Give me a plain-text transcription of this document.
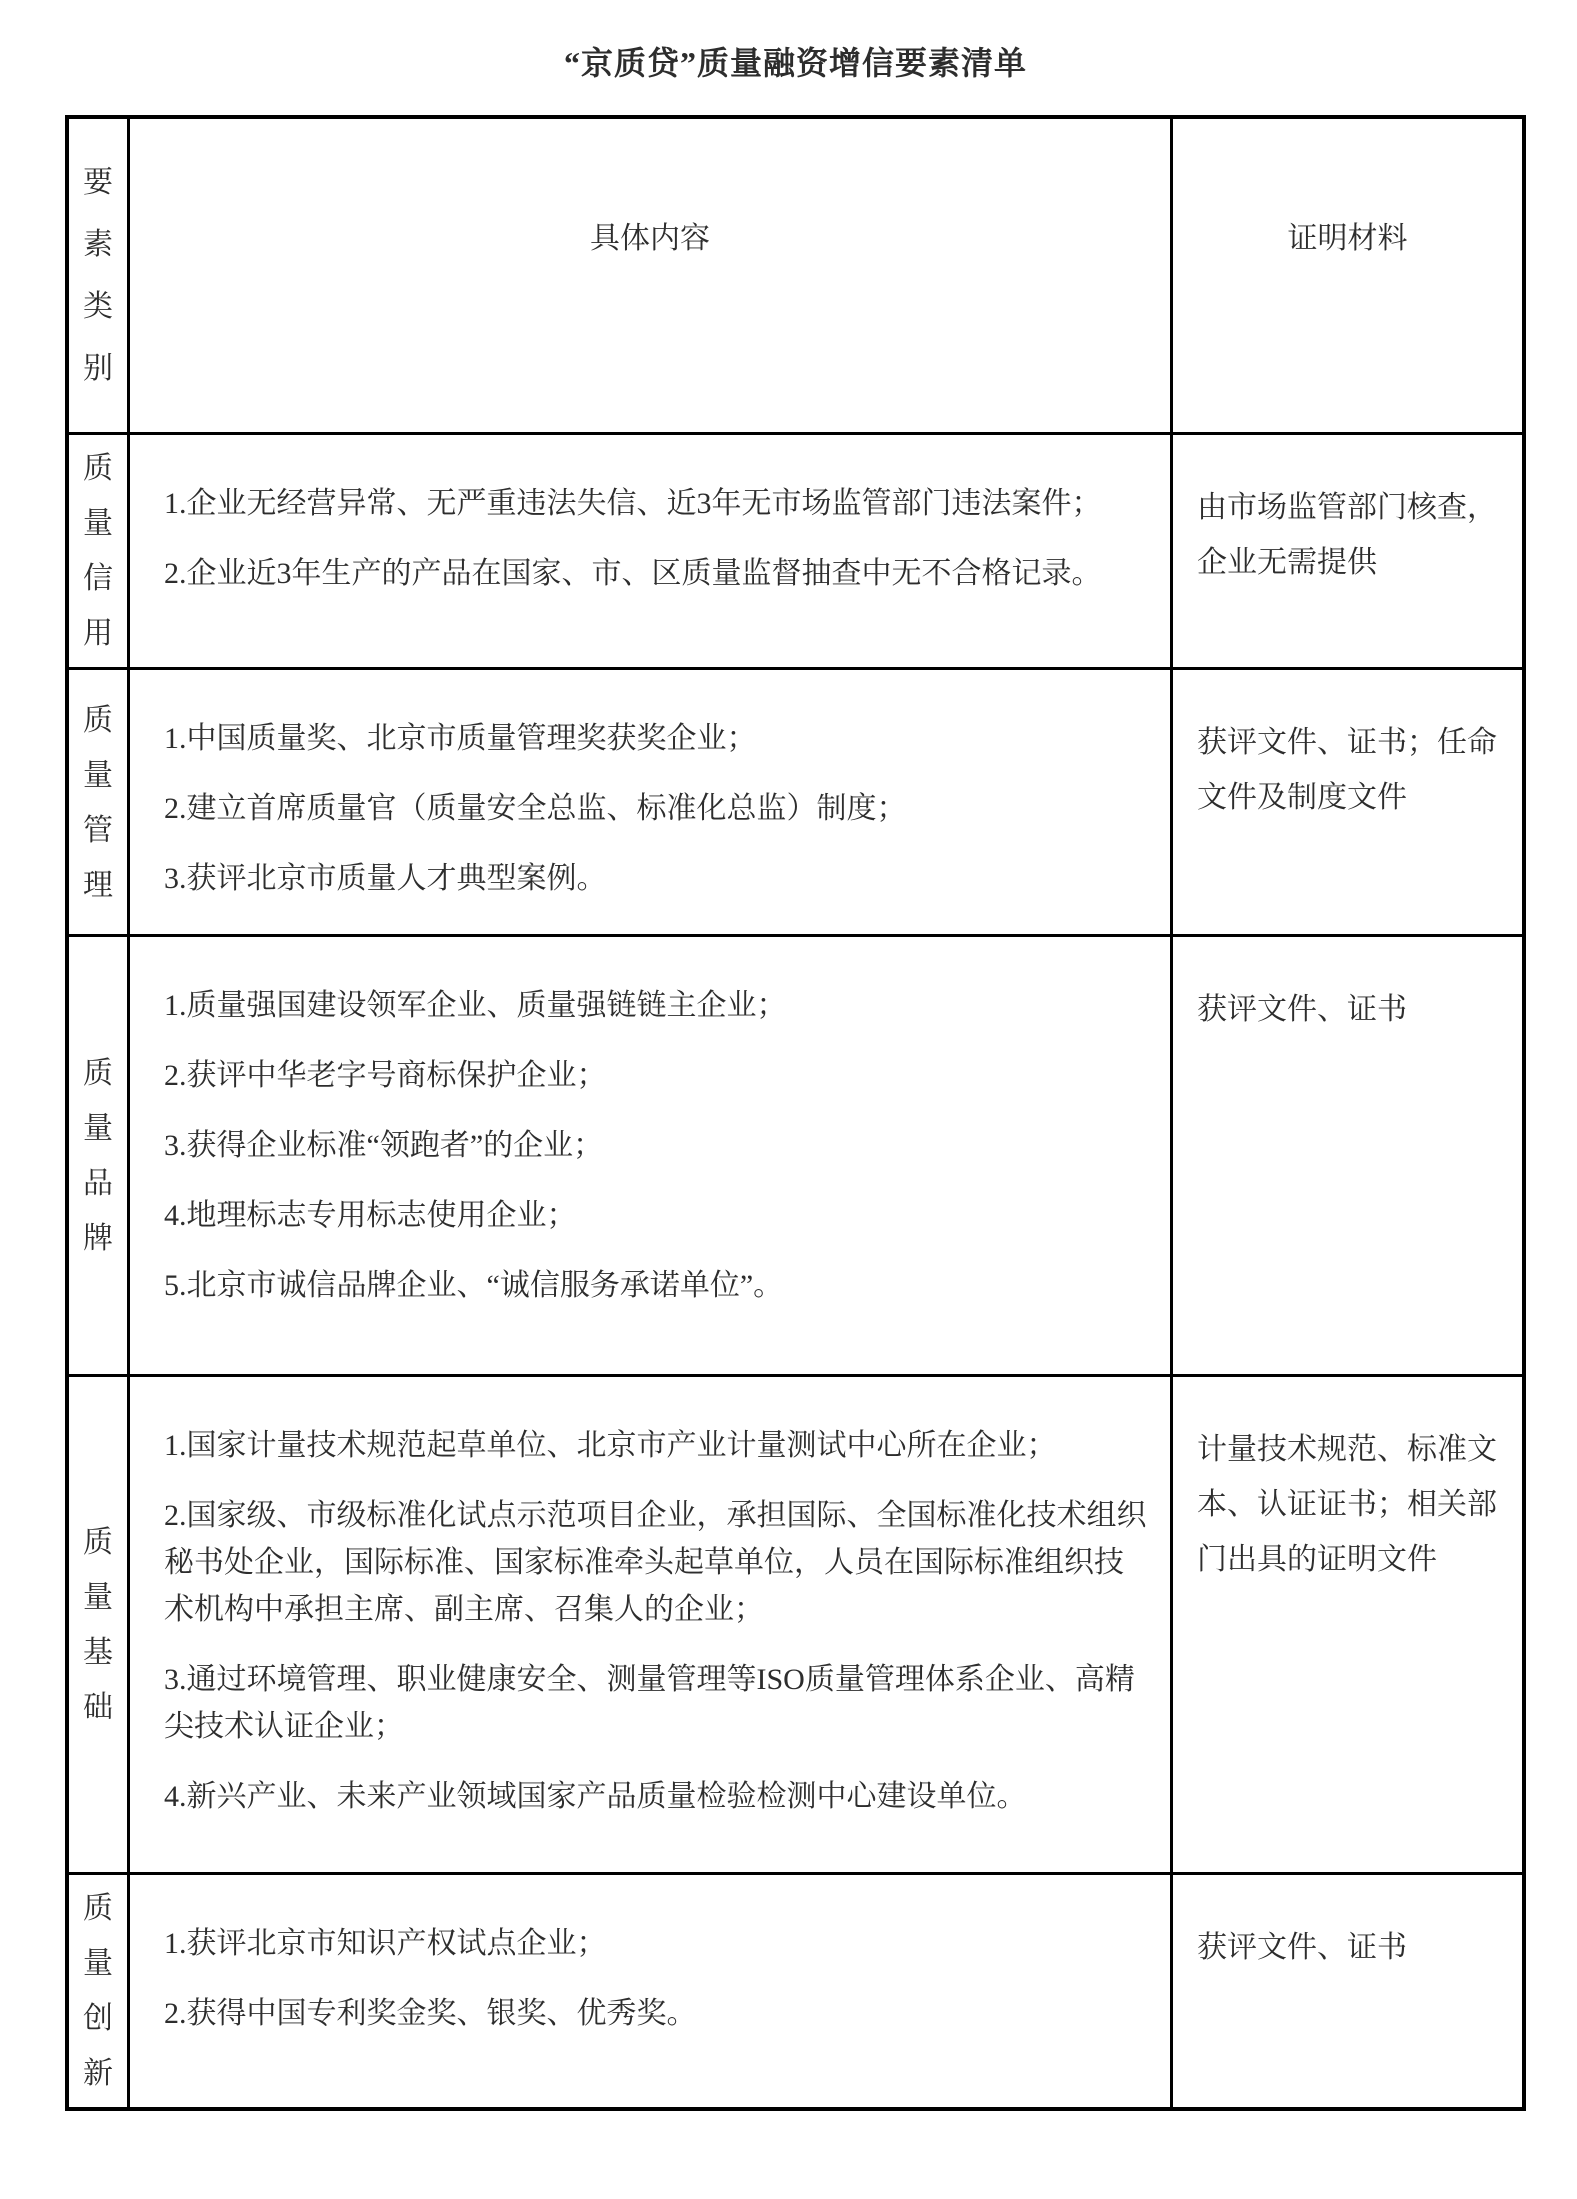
“京质贷”质量融资增信要素清单
要素类别
具体内容	证明材料
质量信用

1.企业无经营异常、无严重违法失信、近3年无市场监管部门违法案件；

2.企业近3年生产的产品在国家、市、区质量监督抽查中无不合格记录。

由市场监管部门核查，企业无需提供

质量管理

1.中国质量奖、北京市质量管理奖获奖企业；

2.建立首席质量官（质量安全总监、标准化总监）制度；

3.获评北京市质量人才典型案例。

获评文件、证书；任命文件及制度文件

质量品牌

1.质量强国建设领军企业、质量强链链主企业；

2.获评中华老字号商标保护企业；

3.获得企业标准“领跑者”的企业；

4.地理标志专用标志使用企业；

5.北京市诚信品牌企业、“诚信服务承诺单位”。

获评文件、证书

质量基础

1.国家计量技术规范起草单位、北京市产业计量测试中心所在企业；

2.国家级、市级标准化试点示范项目企业，承担国际、全国标准化技术组织秘书处企业，国际标准、国家标准牵头起草单位，人员在国际标准组织技术机构中承担主席、副主席、召集人的企业；

3.通过环境管理、职业健康安全、测量管理等ISO质量管理体系企业、高精尖技术认证企业；

4.新兴产业、未来产业领域国家产品质量检验检测中心建设单位。

计量技术规范、标准文本、认证证书；相关部门出具的证明文件

质量创新

1.获评北京市知识产权试点企业；

2.获得中国专利奖金奖、银奖、优秀奖。

获评文件、证书
